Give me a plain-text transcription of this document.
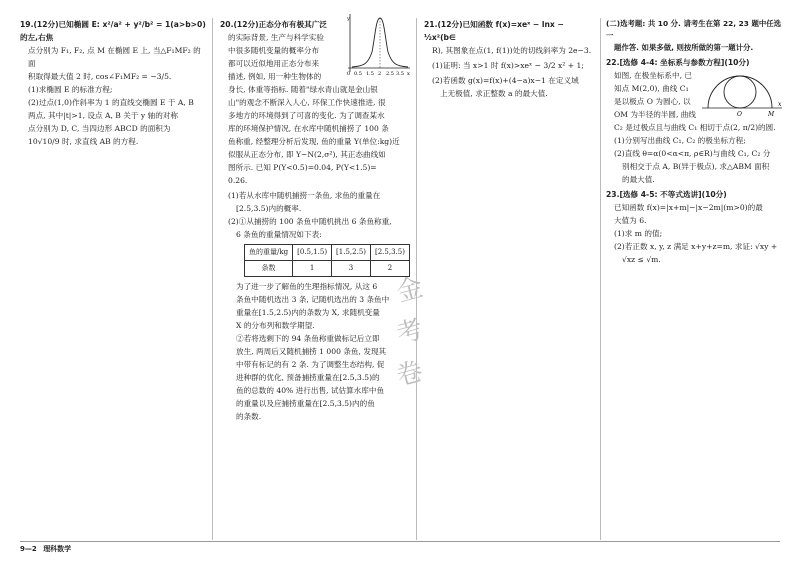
19.(12分)已知椭圆 E: x²/a² + y²/b² = 1(a>b>0)的左,右焦

点分别为 F₁, F₂, 点 M 在椭圆 E 上, 当△F₁MF₂ 的面

积取得最大值 2 时, cos∠F₁MF₂ = −3/5.

(1)求椭圆 E 的标准方程;

(2)过点(1,0)作斜率为 1 的直线交椭圆 E 于 A, B

两点, 其中|t|>1, 设点 A, B 关于 y 轴的对称

点分别为 D, C, 当四边形 ABCD 的面积为

10√10/9 时, 求直线 AB 的方程.

20.(12分)正态分布有极其广泛

的实际背景, 生产与科学实验

中很多随机变量的概率分布

都可以近似地用正态分布来

描述, 例如, 用一种生物体的

身长, 体重等指标. 随着"绿水青山就是金山银

山"的观念不断深入人心, 环保工作快速推进, 很

多地方的环境得到了可喜的变化. 为了调查某水

库的环境保护情况, 在水库中随机捕捞了 100 条

鱼称重, 经整理分析后发现, 鱼的重量 Y(单位:kg)近

似服从正态分布, 即 Y~N(2,σ²), 其正态曲线如

图所示. 已知 P(Y<0.5)=0.04, P(Y<1.5)=

0.26.

y
0 0.5 1.5 2 2.5 3.5 x

(1)若从水库中随机捕捞一条鱼, 求鱼的重量在

[2.5,3.5)内的概率.

(2)①从捕捞的 100 条鱼中随机挑出 6 条鱼称重,

6 条鱼的重量情况如下表:

鱼的重量/kg	[0.5,1.5)	[1.5,2.5)	[2.5,3.5)
条数	1	3	2

为了进一步了解鱼的生理指标情况, 从这 6

条鱼中随机选出 3 条, 记随机选出的 3 条鱼中

重量在[1.5,2.5)内的条数为 X, 求随机变量

X 的分布列和数学期望.

②若将选剩下的 94 条鱼称重做标记后立即

放生, 两周后又随机捕捞 1 000 条鱼, 发现其

中带有标记的有 2 条. 为了调整生态结构, 促

进种群的优化, 预备捕捞重量在[2.5,3.5)的

鱼的总数的 40% 进行出售, 试估算水库中鱼

的重量以及应捕捞重量在[2.5,3.5)内的鱼

的条数.

金
考
卷

21.(12分)已知函数 f(x)=xeˣ − lnx − ½x²(b∈

R), 其图象在点(1, f(1))处的切线斜率为 2e−3.

(1)证明: 当 x>1 时 f(x)>xeˣ − 3/2 x² + 1;

(2)若函数 g(x)=f(x)+(4−a)x−1 在定义域

上无极值, 求正整数 a 的最大值.

(二)选考题: 共 10 分. 请考生在第 22, 23 题中任选一

题作答. 如果多做, 则按所做的第一题计分.

22.[选修 4-4: 坐标系与参数方程](10分)

如图, 在极坐标系中, 已

知点 M(2,0), 曲线 C₁

是以极点 O 为圆心, 以

OM 为半径的半圆, 曲线	O	M
x

C₂ 是过极点且与曲线 C₁ 相切于点(2, π/2)的圆.

(1)分别写出曲线 C₁, C₂ 的极坐标方程;

(2)直线 θ=α(0<α<π, ρ∈R)与曲线 C₁, C₂ 分

别相交于点 A, B(异于极点), 求△ABM 面积

的最大值.

23.[选修 4-5: 不等式选讲](10分)

已知函数 f(x)=|x+m|−|x−2m|(m>0)的最

大值为 6.

(1)求 m 的值;

(2)若正数 x, y, z 满足 x+y+z=m, 求证: √xy +

√xz ≤ √m.

9—2 理科数学
